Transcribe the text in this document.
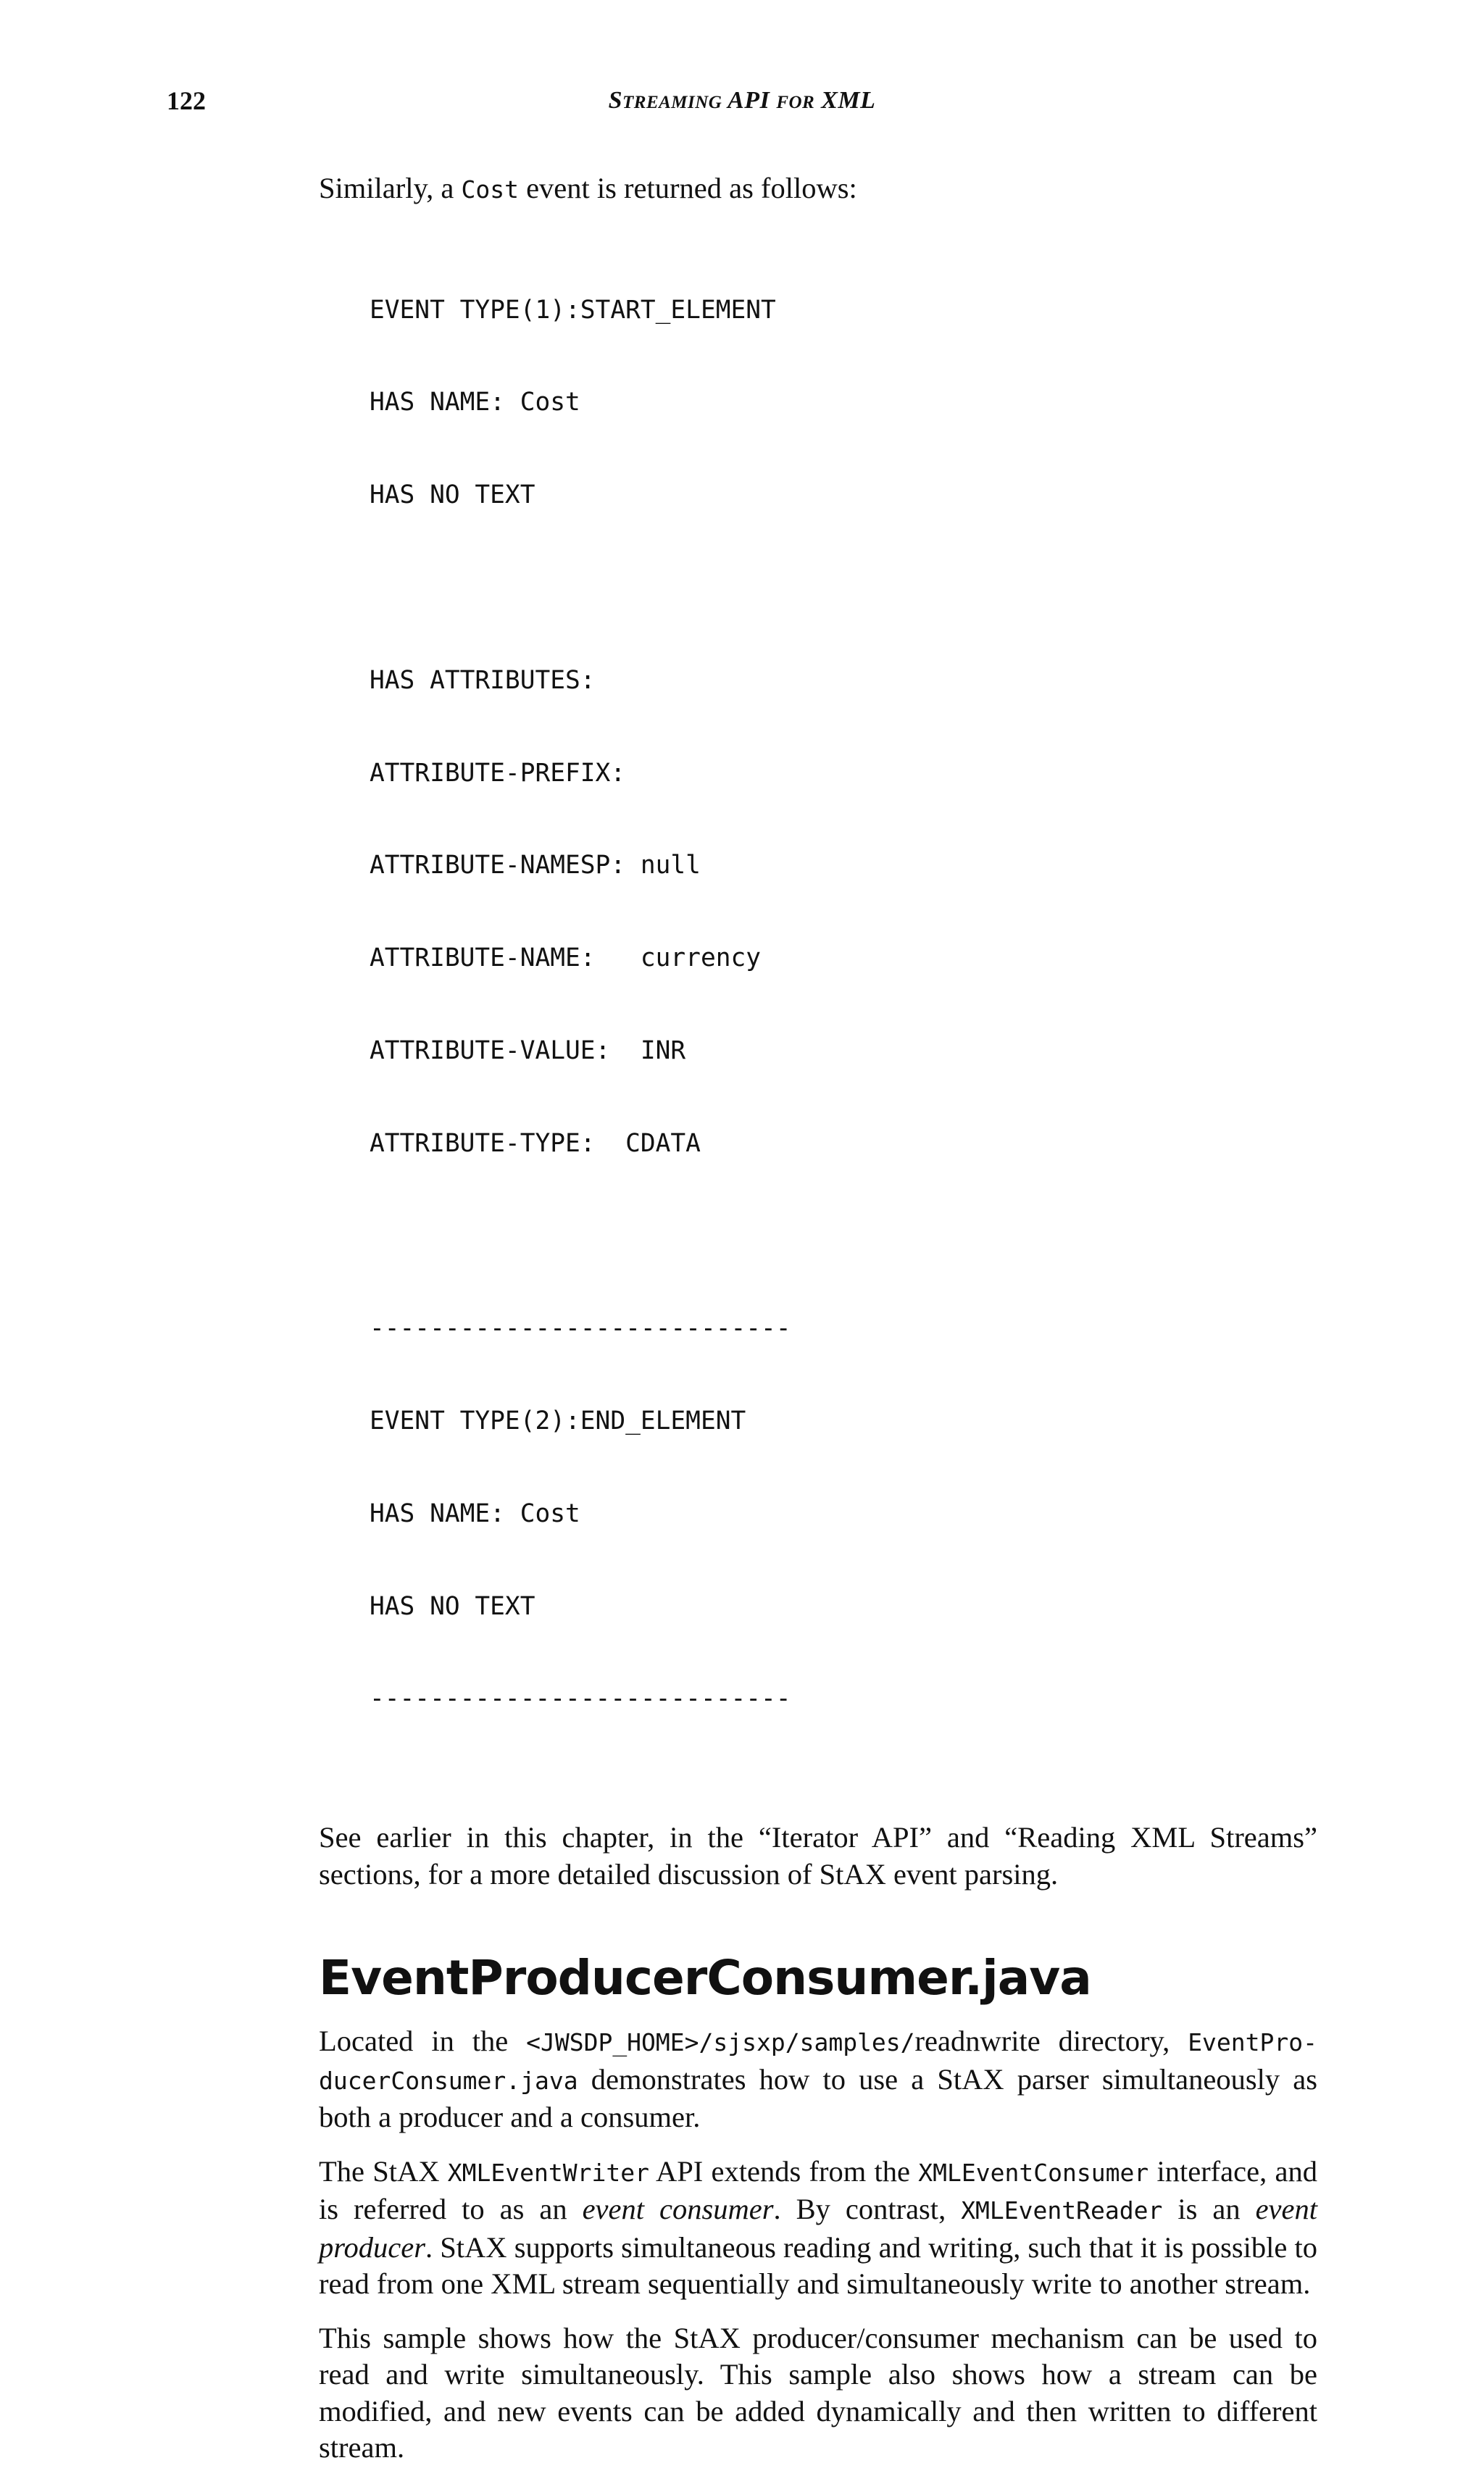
122	STREAMING API FOR XML

Similarly, a Cost event is returned as follows:

EVENT TYPE(1):START_ELEMENT

HAS NAME: Cost

HAS NO TEXT

HAS ATTRIBUTES:

ATTRIBUTE-PREFIX:

ATTRIBUTE-NAMESP: null

ATTRIBUTE-NAME:   currency

ATTRIBUTE-VALUE:  INR

ATTRIBUTE-TYPE:  CDATA

----------------------------

EVENT TYPE(2):END_ELEMENT

HAS NAME: Cost

HAS NO TEXT

----------------------------

See earlier in this chapter, in the “Iterator API” and “Reading XML Streams” sections, for a more detailed discussion of StAX event parsing.

EventProducerConsumer.java

Located in the <JWSDP_HOME>/sjsxp/samples/readnwrite directory, EventPro- ducerConsumer.java demonstrates how to use a StAX parser simultaneously as both a producer and a consumer.

The StAX XMLEventWriter API extends from the XMLEventConsumer interface, and is referred to as an event consumer. By contrast, XMLEventReader is an event producer. StAX supports simultaneous reading and writing, such that it is possible to read from one XML stream sequentially and simultaneously write to another stream.

This sample shows how the StAX producer/consumer mechanism can be used to read and write simultaneously. This sample also shows how a stream can be modified, and new events can be added dynamically and then written to different stream.
